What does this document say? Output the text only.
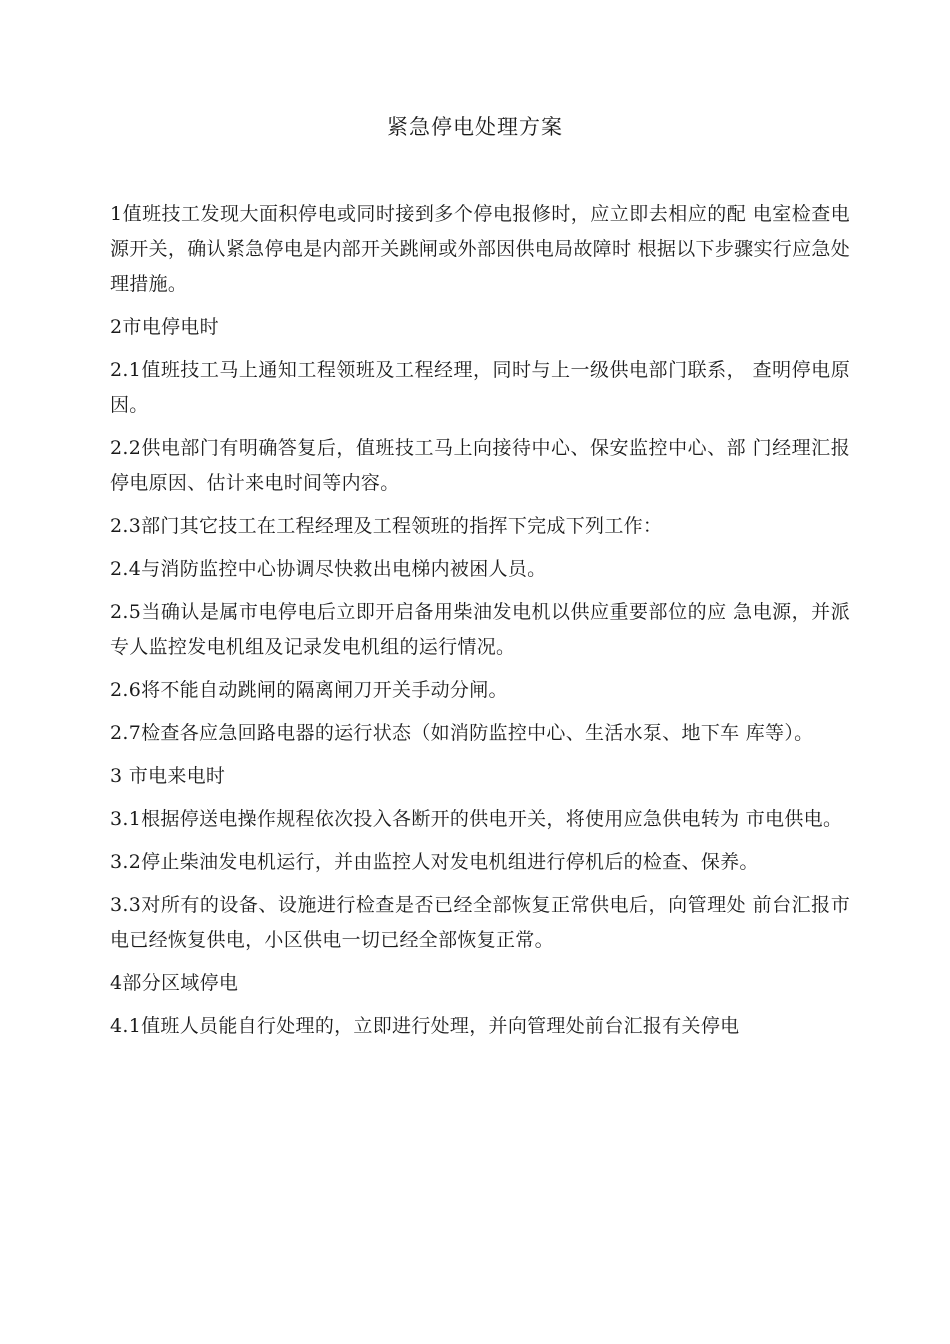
紧急停电处理方案

1值班技工发现大面积停电或同时接到多个停电报修时，应立即去相应的配 电室检查电源开关，确认紧急停电是内部开关跳闸或外部因供电局故障时 根据以下步骤实行应急处理措施。

2市电停电时

2.1值班技工马上通知工程领班及工程经理，同时与上一级供电部门联系， 查明停电原因。

2.2供电部门有明确答复后，值班技工马上向接待中心、保安监控中心、部 门经理汇报停电原因、估计来电时间等内容。

2.3部门其它技工在工程经理及工程领班的指挥下完成下列工作：

2.4与消防监控中心协调尽快救出电梯内被困人员。

2.5当确认是属市电停电后立即开启备用柴油发电机以供应重要部位的应 急电源，并派专人监控发电机组及记录发电机组的运行情况。

2.6将不能自动跳闸的隔离闸刀开关手动分闸。

2.7检查各应急回路电器的运行状态（如消防监控中心、生活水泵、地下车 库等）。

3 市电来电时

3.1根据停送电操作规程依次投入各断开的供电开关，将使用应急供电转为 市电供电。

3.2停止柴油发电机运行，并由监控人对发电机组进行停机后的检查、保养。

3.3对所有的设备、设施进行检查是否已经全部恢复正常供电后，向管理处 前台汇报市电已经恢复供电，小区供电一切已经全部恢复正常。

4部分区域停电

4.1值班人员能自行处理的，立即进行处理，并向管理处前台汇报有关停电
